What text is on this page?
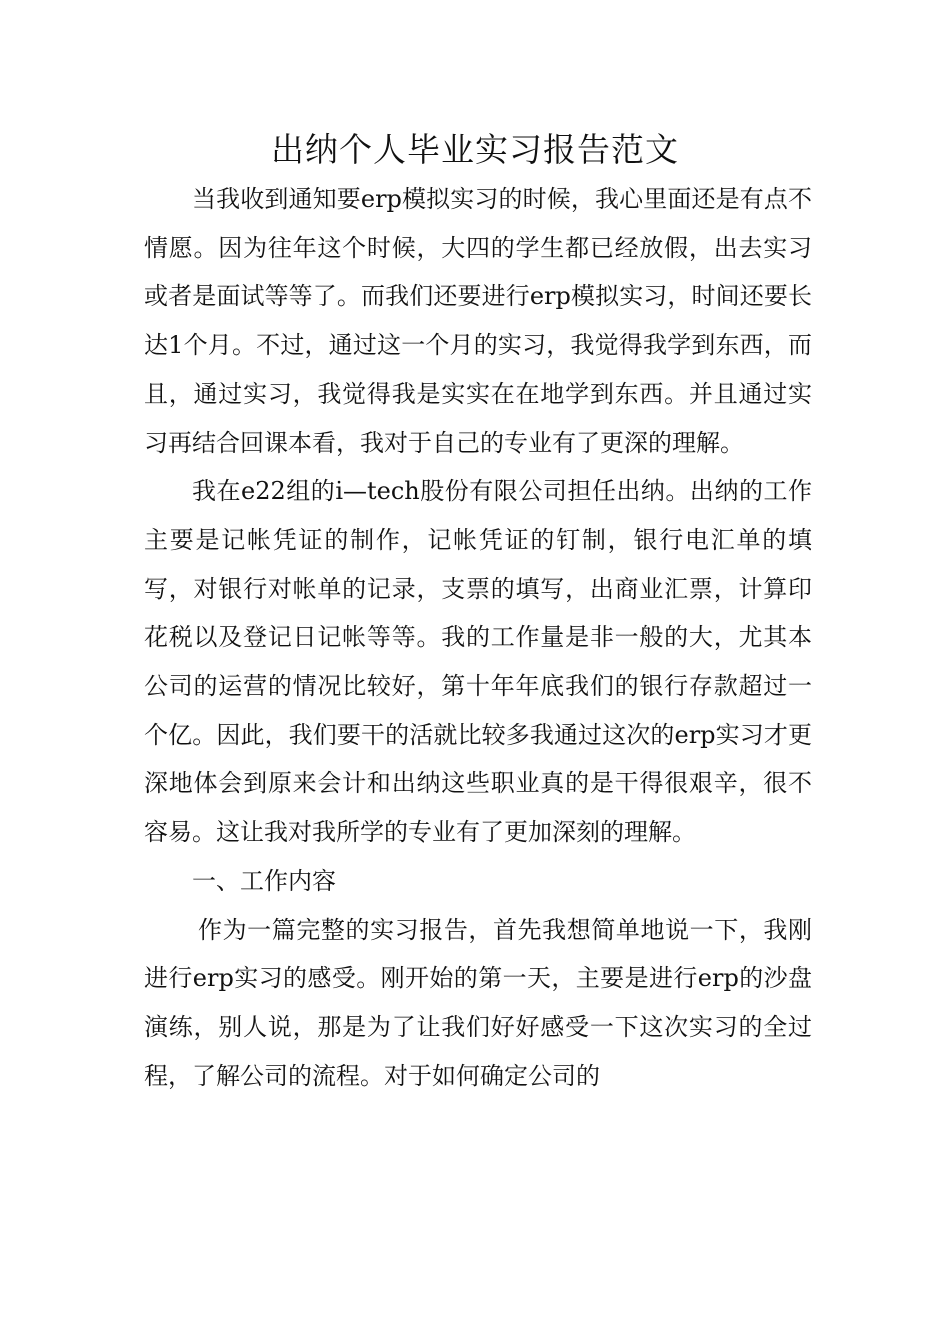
出纳个人毕业实习报告范文

当我收到通知要erp模拟实习的时候，我心里面还是有点不情愿。因为往年这个时候，大四的学生都已经放假，出去实习或者是面试等等了。而我们还要进行erp模拟实习，时间还要长达1个月。不过，通过这一个月的实习，我觉得我学到东西，而且，通过实习，我觉得我是实实在在地学到东西。并且通过实习再结合回课本看，我对于自己的专业有了更深的理解。

我在e22组的i—tech股份有限公司担任出纳。出纳的工作主要是记帐凭证的制作，记帐凭证的钉制，银行电汇单的填写，对银行对帐单的记录，支票的填写，出商业汇票，计算印花税以及登记日记帐等等。我的工作量是非一般的大，尤其本公司的运营的情况比较好，第十年年底我们的银行存款超过一个亿。因此，我们要干的活就比较多我通过这次的erp实习才更深地体会到原来会计和出纳这些职业真的是干得很艰辛，很不容易。这让我对我所学的专业有了更加深刻的理解。

一、工作内容

作为一篇完整的实习报告，首先我想简单地说一下，我刚进行erp实习的感受。刚开始的第一天，主要是进行erp的沙盘演练，别人说，那是为了让我们好好感受一下这次实习的全过程，了解公司的流程。对于如何确定公司的
